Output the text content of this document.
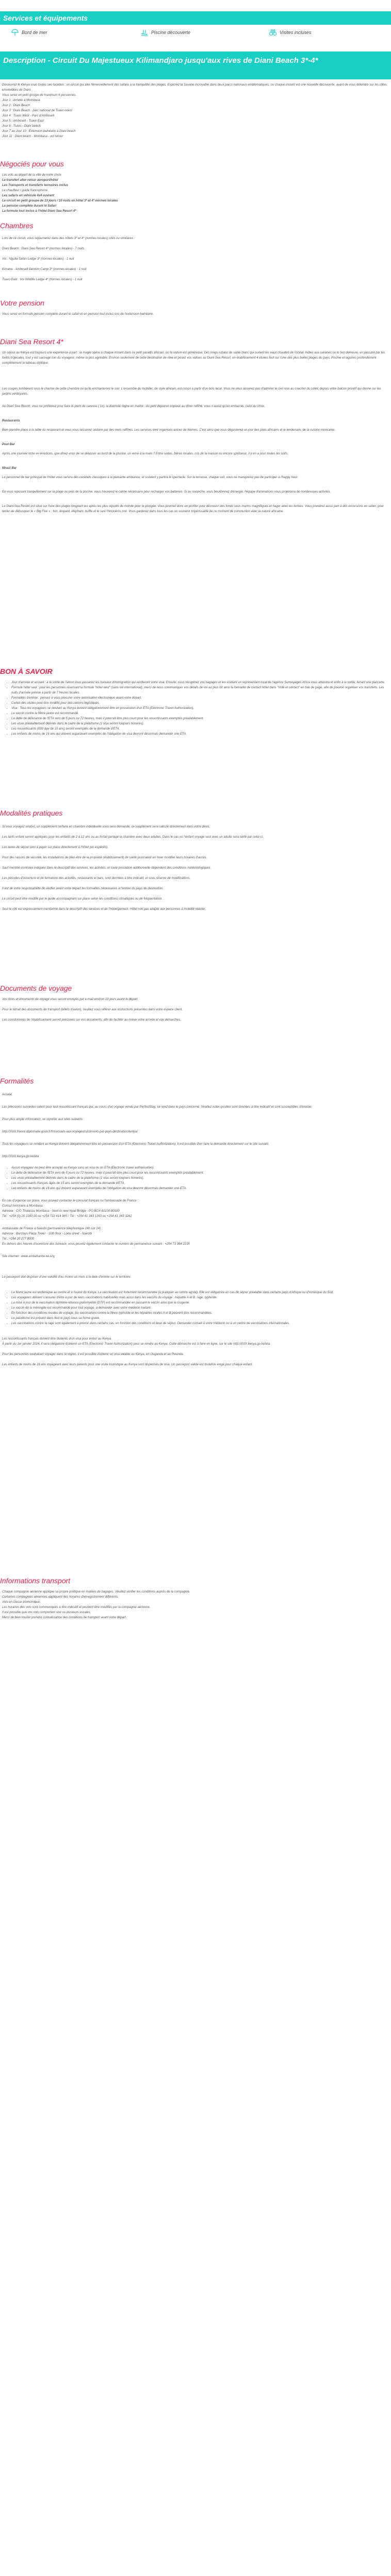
Services et équipements
Bord de mer	Piscine découverte	Visites incluses
Description - Circuit Du Majestueux Kilimandjaro jusqu'aux rives de Diani Beach 3*-4*

Découvrez le Kenya sous toutes ses facettes : un circuit qui allie l'émerveillement des safaris à la tranquillité des plages. Explorez la Savane incroyable dans deux parcs nationaux emblématiques, ou chaque instant est une nouvelle découverte, avant de vous détendre sur les côtes ensoleillées de Diani.

Vous serez en petit groupe de maximum 6 personnes.

Jour 1 : Arrivée à Mombasa

Jour 2 : Diani Beach

Jour 3 : Diani Beach - parc national de Tsavo ouest

Jour 4 : Tsavo West - Parc d'Amboseli

Jour 5 : Amboseli - Tsavo East

Jour 6 : Tsavo - Diani beach

Jour 7 au Jour 10 : Extension balnéaire à Diani beach

Jour 11 : Diani beach - Mombasa - vol retour

Négociés pour vous

Les vols au départ de la ville de votre choix

Le transfert aller-retour aéroport/hôtel

Les Transports et transferts terrestres inclus

Le chauffeur / guide francophone

Les safaris en véhicule 4x4 ouvrant

Le circuit en petit groupe de 13 jours / 10 nuits en hôtel 3* et 4* normes locales

La pension complète durant le Safari

La formule tout inclus à l'hôtel Diani Sea Resort 4*

Chambres

Lors de ce circuit, vous séjournerez dans des hôtels 3* et 4* (normes locales) cités ou similaires :

Diani Beach : Diani Sea Resort 4* (normes locales) - 7 nuits

Voi : Ngulia Safari Lodge 3* (normes locales) - 1 nuit

Kimana - Amboseli Sentrim Camp 3* (normes locales) - 1 nuit

Tsavo East : Voi Wildlife Lodge 4* (normes locales) - 1 nuit

Votre pension
Vous serez en formule pension complète durant le safari et en pension tout inclus lors de l'extension balnéaire.
Diani Sea Resort 4*

Un séjour au Kenya est toujours une expérience à part : la magie opère à chaque instant dans ce petit paradis africain, où la nature est généreuse. Des longs rubans de sable blanc qui ourlent les eaux chaudes de l'océan Indien aux savanes où le lion demeure, en passant par les forêts tropicales, tout y est sauvage loin du voyageur, même la plus agréable. Environ seulement de cette destination de rêve et posez vos valises au Diani Sea Resort, en établissement 4 étoiles tout sur l'une des plus belles plages du pays. Piscine et lagunes profondément complètement la tableau idyllique.

Les coupes tombèrent sous le charme de cette chambre où qu'ils enchanteront le soir. L'ensemble du mobilier, de style africain, est conçu à partir d'un bois local. Vous ne vous lasserez pas d'admirer le ciel rose au coucher du soleil, depuis votre balcon privatif qui donne sur les jardins verdoyants.

Au Diani Sea Resort, vous ne profiterez pour faire le point de caresse ( 1x), la diversité règne en maître : du petit déjeuner copieux au dîner raffiné, vous n'aurez qu'en embarras, celui du choix.

Restaurants

Bien prendre place à la table du restaurant et vous vous laisserez séduire par des mets raffinés. Les services sont organisés autour de thèmes. C'est ainsi que vous dégusterez un jour des plats africains et le lendemain, de la cuisine mexicaine.

Pool Bar

Après une journée riche en émotions, que diriez-vous de se délasser au bord de la piscine, un verre à la main ? Entre sodas, bières locales, cris de la maison ou encore spiritueux, il y en a pour toutes les soifs.

Mnazi Bar

Le personnel de bar principal de l'hôtel vous servira des cocktails classiques à la plaisante ambiance, et souvent y partira le spectacle. Sur la terrasse, chaque soir, vous ne manquerez pas de participer à l'happy hour.

En vous reposant tranquillement sur la plage ou près de la piscine, vous trouverez le calme nécessaire pour recharger vos batteries. Si au revanche, vous bouillonnez d'énergie, l'équipe d'animations vous proposera de nombreuses activités.

Le Diani Sea Resort est situé sur l'une des plages longeant les après les plus réputés du monde pour la plongée. Vous pourrez donc en profiter pour découvrir des fonds sous marins magnifiques et nager avec les tortues. Vous prendrez aussi part à des excursions en safari, pour tenter de débusquer le « Big Five » : lion, léopard, éléphant, buffle et le rare rhinocéros noir. Vous garderez dans tous les cas un souvenir impérissable de ce moment de communion avec la nature africaine.

BON À SAVOIR
• Jour d'arrivée et accueil : à la sortie de l'avion vous passerez les bureaux d'immigration qui vérifieront votre visa. Ensuite, vous récupérez vos bagages et les scellant un représentant local de l'agence Sunvoyages Africa vous attendra et enfin à la sortie, tenant une pancarte.
• Formule hôtel seul : pour les personnes réservant la formule "hôtel seul" (sans vol international), merci de nous communiquer vos détails de vol au plus tôt ainsi la formalité de contact hôtel dans "Voté et contact" en bas de page, afin de pouvoir organiser vos transferts. Les nuits d'arrivée prévue à partir de 7 heures locales.
• Formalités d'entrée : pensez à vous procurer votre autorisation électronique avant votre départ.
• Cartes des visites peut être modifié pour des raisons logistiques.
• Visa : Tous les voyageurs se rendant au Kenya doivent obligatoirement être en possession d'un ETA (Electronic Travel Authorization).
• Le vaccin contre la fièvre jaune est recommandé.
• La dette de délivrance de l'ETA vers de 5 jours ou 72 heures, mais il pourrait être plus court pour les ressortissants exemptés préalablement.
• Les visas préalablement délivrés dans le cadre de la plateforme (1 visa seront toujours honorés).
• Les ressortissants (000 âge de 15 ans) seront exemptés de la demande d'ETA.
• Les enfants de moins de 16 ans qui doivent auparavant exemptés de l'obligation de visa devront désormais demander une ETA.
Modalités pratiques

Si vous voyagez seul(e), un supplément tarifaire en chambre individuelle vous sera demandé, ce supplément sera calculé directement dans votre devis.

Les tarifs enfant seront appliqués pour les enfants de 2 à 12 ans ou au forfait partagé la chambre avec deux adultes. Dans le cas où l'enfant voyage seul avec un adulte sera tarifé par celui-ci.

Les taxes de séjour sont à payer sur place directement à l'hôtel (en espèces).

Pour des raisons de sécurité, les installations de bien-être de la propriété (établissement) de santé pourraient en hiver modifier leurs horaires d'accès.

Sauf mention contraire indiquée dans le descriptif des services, les activités, et toute prestation additionnelle dépendent des conditions météorologiques.

Les périodes d'ouverture et de fermeture des activités, restaurants et bars, sont données à titre indicatif, et sous réserve de modifications.

Il est de votre responsabilité de vérifier avant votre départ les formalités nécessaires à l'entrée du pays de destination.

Le circuit peut être modifié par le guide accompagnant sur place selon les conditions climatiques ou de fréquentation.

Seul le cité est expressément mentionné dans le descriptif des services et de l'hébergement. Hôtel non pas adapté aux personnes à mobilité réduite.

Documents de voyage

Vos titres et documents de voyage vous seront envoyés par e-mail environ 10 jours avant le départ.

Pour le retrait des documents de transport (billets d'avion), veuillez vous référer aux instructions présentes dans votre espace client.

Les coordonnées de l'établissement seront précisées sur vos documents, afin de faciliter au mieux votre arrivée et vos démarches.

Formalités

Arrivée

Les précisions suivantes valent pour tout ressortissant français qui, au cours d'un voyage vendu par PerfectStay, se rend dans le pays concerné. Veuillez noter qu'elles sont données à titre indicatif et sont susceptibles d'évoluer.

Pour plus ample information, se reporter aux sites suivants :

http://XXX.france.diplomatie.gouv.fr/fr/conseils-aux-voyageurs/conseils-par-pays-destination/kenya/

Tous les voyageurs se rendant au Kenya doivent obligatoirement être en possession d'un ETA (Electronic Travel Authorization). Il est possible d'en faire la demande directement sur le site suivant.

http://XXX.kenya.go.ke/eta

• Aucun voyageur ne peut être accepté au Kenya sans un visa ou un ETA (Electronic travel authorisation).
• La dette de délivrance de l'ETA vers de 5 jours ou 72 heures, mais il pourrait être plus court pour les ressortissants exemptés préalablement.
• Les visas préalablement délivrés dans le cadre de la plateforme (1 visa seront toujours honorés).
• Les ressortissants français âgés de 15 ans seront exemptés de la demande d'ETA.
• Les enfants de moins de 16 ans qui doivent auparavant exemptés de l'obligation de visa devront désormais demander une ETA.

En cas d'urgence sur place, vous pouvez contacter le consulat français ou l'ambassade de France :

Consul honoraire à Mombasa :

Adresse : C/O Thalassa Mombasa - Next to new Nyali Bridge - PO BOX 81100-80100

Tél : +254 (0) 20 2183 00 ou +254 722 414 965 / Tél : +254 41 343 1263 ou +254 41 343 3262

Ambassade de France à Nairobi (permanence téléphonique 24h sur 24) :

Adresse : Barclays Plaza Tower - 10th floor - Loita street - Nairobi

Tél : +254 20 277 8000

En dehors des heures d'ouverture des bureaux, vous pouvez également contacter le numéro de permanence suivant : +254 73 364 2215

Site internet : www.ambafrance-ke.org

Le passeport doit disposer d'une validité d'au moins six mois à la date d'entrée sur le territoire.

• La fièvre jaune est endémique au centre et à l'ouest du Kenya. La vaccination est fortement recommandée (à pratiquer au centre agréé). Elle est obligatoire en cas de séjour préalable dans certains pays d'Afrique ou d'Amérique du Sud.
• Les voyageurs doivent s'assurer d'être à jour de leurs vaccinations habituelles mais aussi dans les vaccins du voyage : hépatite A et B, rage, typhoïde.
• La mise à jour de la vaccination diphtérie-tétanos-poliomyélite (DTP) est recommandée en passant le vaccin ainsi que la rougeole.
• Le vaccin de la méningite est recommandé pour tout voyage, à demander avec votre médecin traitant.
• En fonction des conditions locales de voyage, les vaccinations contre la fièvre typhoïde et les hépatites virales A et B peuvent être recommandées.
• Le paludisme est présent dans tout le pays sous sa forme grave.
• Les vaccinations contre la rage sont également à prévoir dans certains cas, en fonction des conditions et lieux de séjour. Demander conseil à votre médecin ou à un centre de vaccinations internationales.

Les ressortissants français doivent être titulaires d'un visa pour entrer au Kenya.

À partir du 1er janvier 2024, il sera obligatoire d'obtenir un ETA (Electronic Travel Authorization) pour se rendre au Kenya. Cette démarche est à faire en ligne, sur le site http://XXX.kenya.go.ke/eta.

Pour les personnes souhaitant voyager dans la région, il est possible d'obtenir un visa valable au Kenya, en Ouganda et au Rwanda.

Les enfants de moins de 16 ans voyageant avec leurs parents pour une visite touristique au Kenya sont dispensés de visa. Un passeport valide est toutefois exigé pour chaque enfant.

Informations transport

Chaque compagnie aérienne applique sa propre politique en matière de bagages. Veuillez vérifier les conditions auprès de la compagnie.

Certaines compagnies aériennes appliquent des horaires d'enregistrement différents.

Vols en classe économique.

Les horaires des vols sont communiqués à titre indicatif et peuvent être modifiés par la compagnie aérienne.

Il est possible que vos vols comportent une ou plusieurs escales.

Merci de bien vouloir prendre connaissance des conditions de transport avant votre départ.
